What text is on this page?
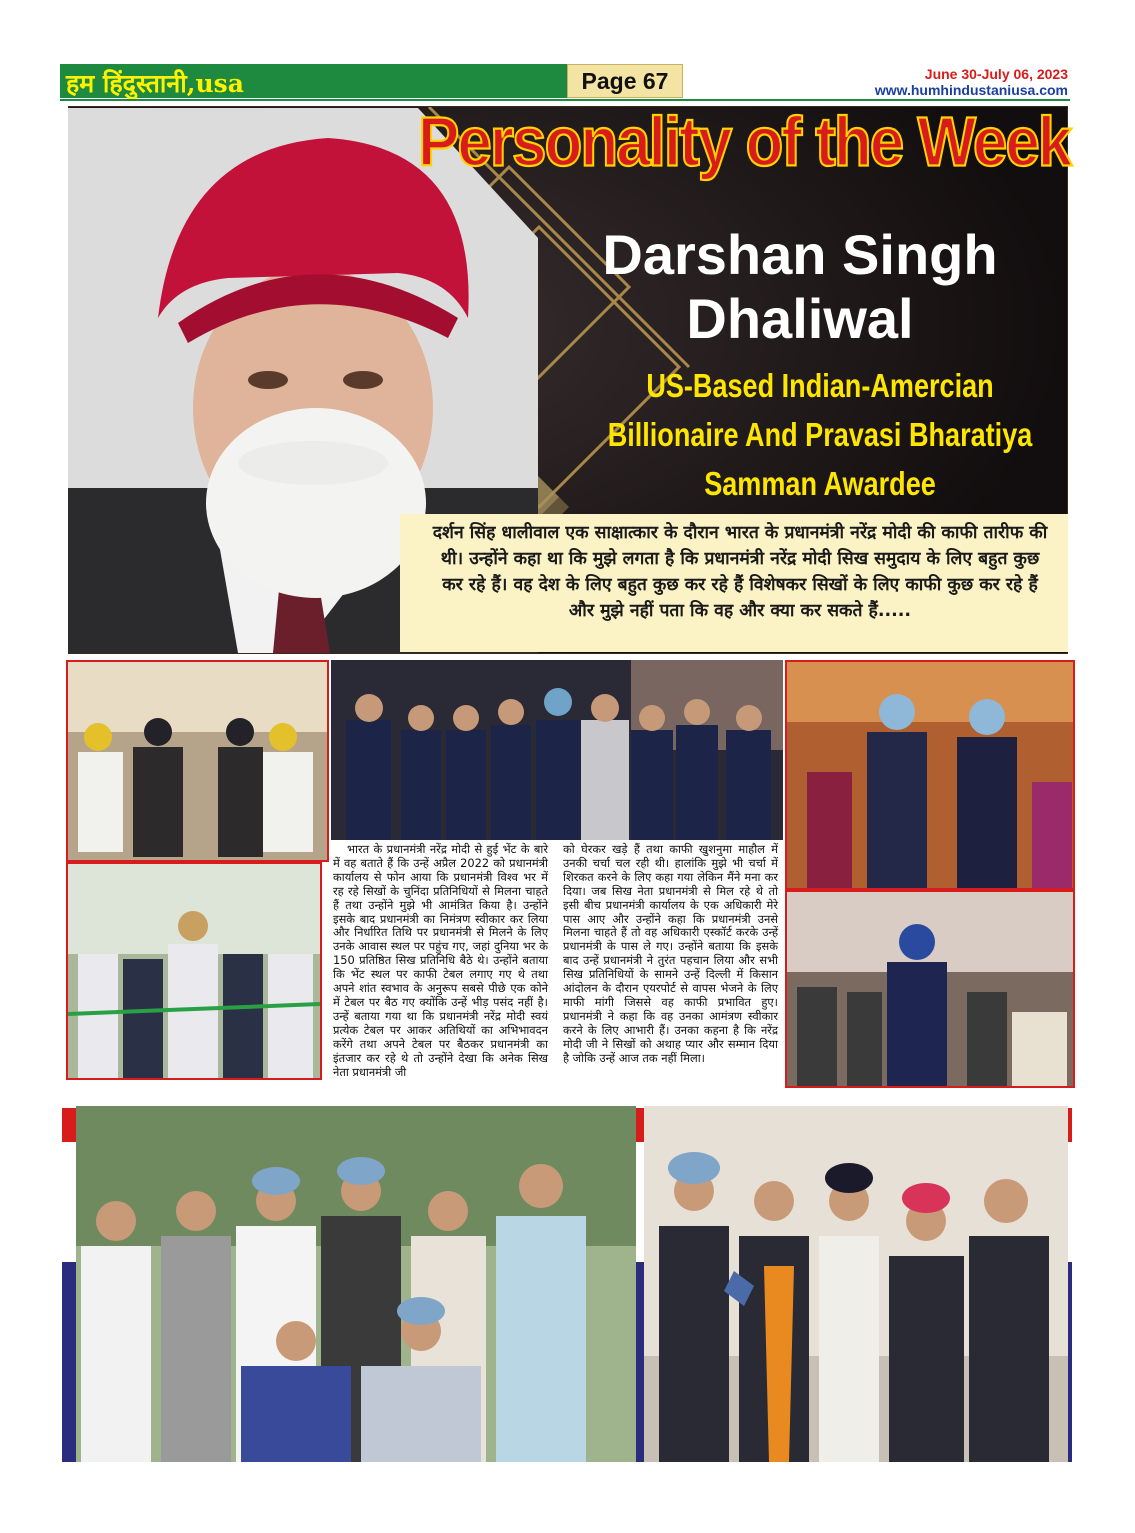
हम हिंदुस्तानी,usa	Page 67	June 30-July 06, 2023
www.humhindustaniusa.com
Personality of the Week
Darshan Singh
Dhaliwal
US-Based Indian-Amercian
Billionaire And Pravasi Bharatiya
Samman Awardee
दर्शन सिंह धालीवाल एक साक्षात्कार के दौरान भारत के प्रधानमंत्री नरेंद्र मोदी की काफी तारीफ की थी। उन्होंने कहा था कि मुझे लगता है कि प्रधानमंत्री नरेंद्र मोदी सिख समुदाय के लिए बहुत कुछ कर रहे हैं। वह देश के लिए बहुत कुछ कर रहे हैं विशेषकर सिखों के लिए काफी कुछ कर रहे हैं और मुझे नहीं पता कि वह और क्या कर सकते हैं.....
भारत के प्रधानमंत्री नरेंद्र मोदी से हुई भेंट के बारे में वह बताते हैं कि उन्हें अप्रैल 2022 को प्रधानमंत्री कार्यालय से फोन आया कि प्रधानमंत्री विश्व भर में रह रहे सिखों के चुनिंदा प्रतिनिधियों से मिलना चाहते हैं तथा उन्होंने मुझे भी आमंत्रित किया है। उन्होंने इसके बाद प्रधानमंत्री का निमंत्रण स्वीकार कर लिया और निर्धारित तिथि पर प्रधानमंत्री से मिलने के लिए उनके आवास स्थल पर पहुंच गए, जहां दुनिया भर के 150 प्रतिष्ठित सिख प्रतिनिधि बैठे थे। उन्होंने बताया कि भेंट स्थल पर काफी टेबल लगाए गए थे तथा अपने शांत स्वभाव के अनुरूप सबसे पीछे एक कोने में टेबल पर बैठ गए क्योंकि उन्हें भीड़ पसंद नहीं है। उन्हें बताया गया था कि प्रधानमंत्री नरेंद्र मोदी स्वयं प्रत्येक टेबल पर आकर अतिथियों का अभिभावदन करेंगे तथा अपने टेबल पर बैठकर प्रधानमंत्री का इंतजार कर रहे थे तो उन्होंने देखा कि अनेक सिख नेता प्रधानमंत्री जी
को घेरकर खड़े हैं तथा काफी खुशनुमा माहौल में उनकी चर्चा चल रही थी। हालांकि मुझे भी चर्चा में शिरकत करने के लिए कहा गया लेकिन मैंने मना कर दिया। जब सिख नेता प्रधानमंत्री से मिल रहे थे तो इसी बीच प्रधानमंत्री कार्यालय के एक अधिकारी मेरे पास आए और उन्होंने कहा कि प्रधानमंत्री उनसे मिलना चाहते हैं तो वह अधिकारी एस्कॉर्ट करके उन्हें प्रधानमंत्री के पास ले गए। उन्होंने बताया कि इसके बाद उन्हें प्रधानमंत्री ने तुरंत पहचान लिया और सभी सिख प्रतिनिधियों के सामने उन्हें दिल्ली में किसान आंदोलन के दौरान एयरपोर्ट से वापस भेजने के लिए माफी मांगी जिससे वह काफी प्रभावित हुए। प्रधानमंत्री ने कहा कि वह उनका आमंत्रण स्वीकार करने के लिए आभारी हैं। उनका कहना है कि नरेंद्र मोदी जी ने सिखों को अथाह प्यार और सम्मान दिया है जोकि उन्हें आज तक नहीं मिला।
